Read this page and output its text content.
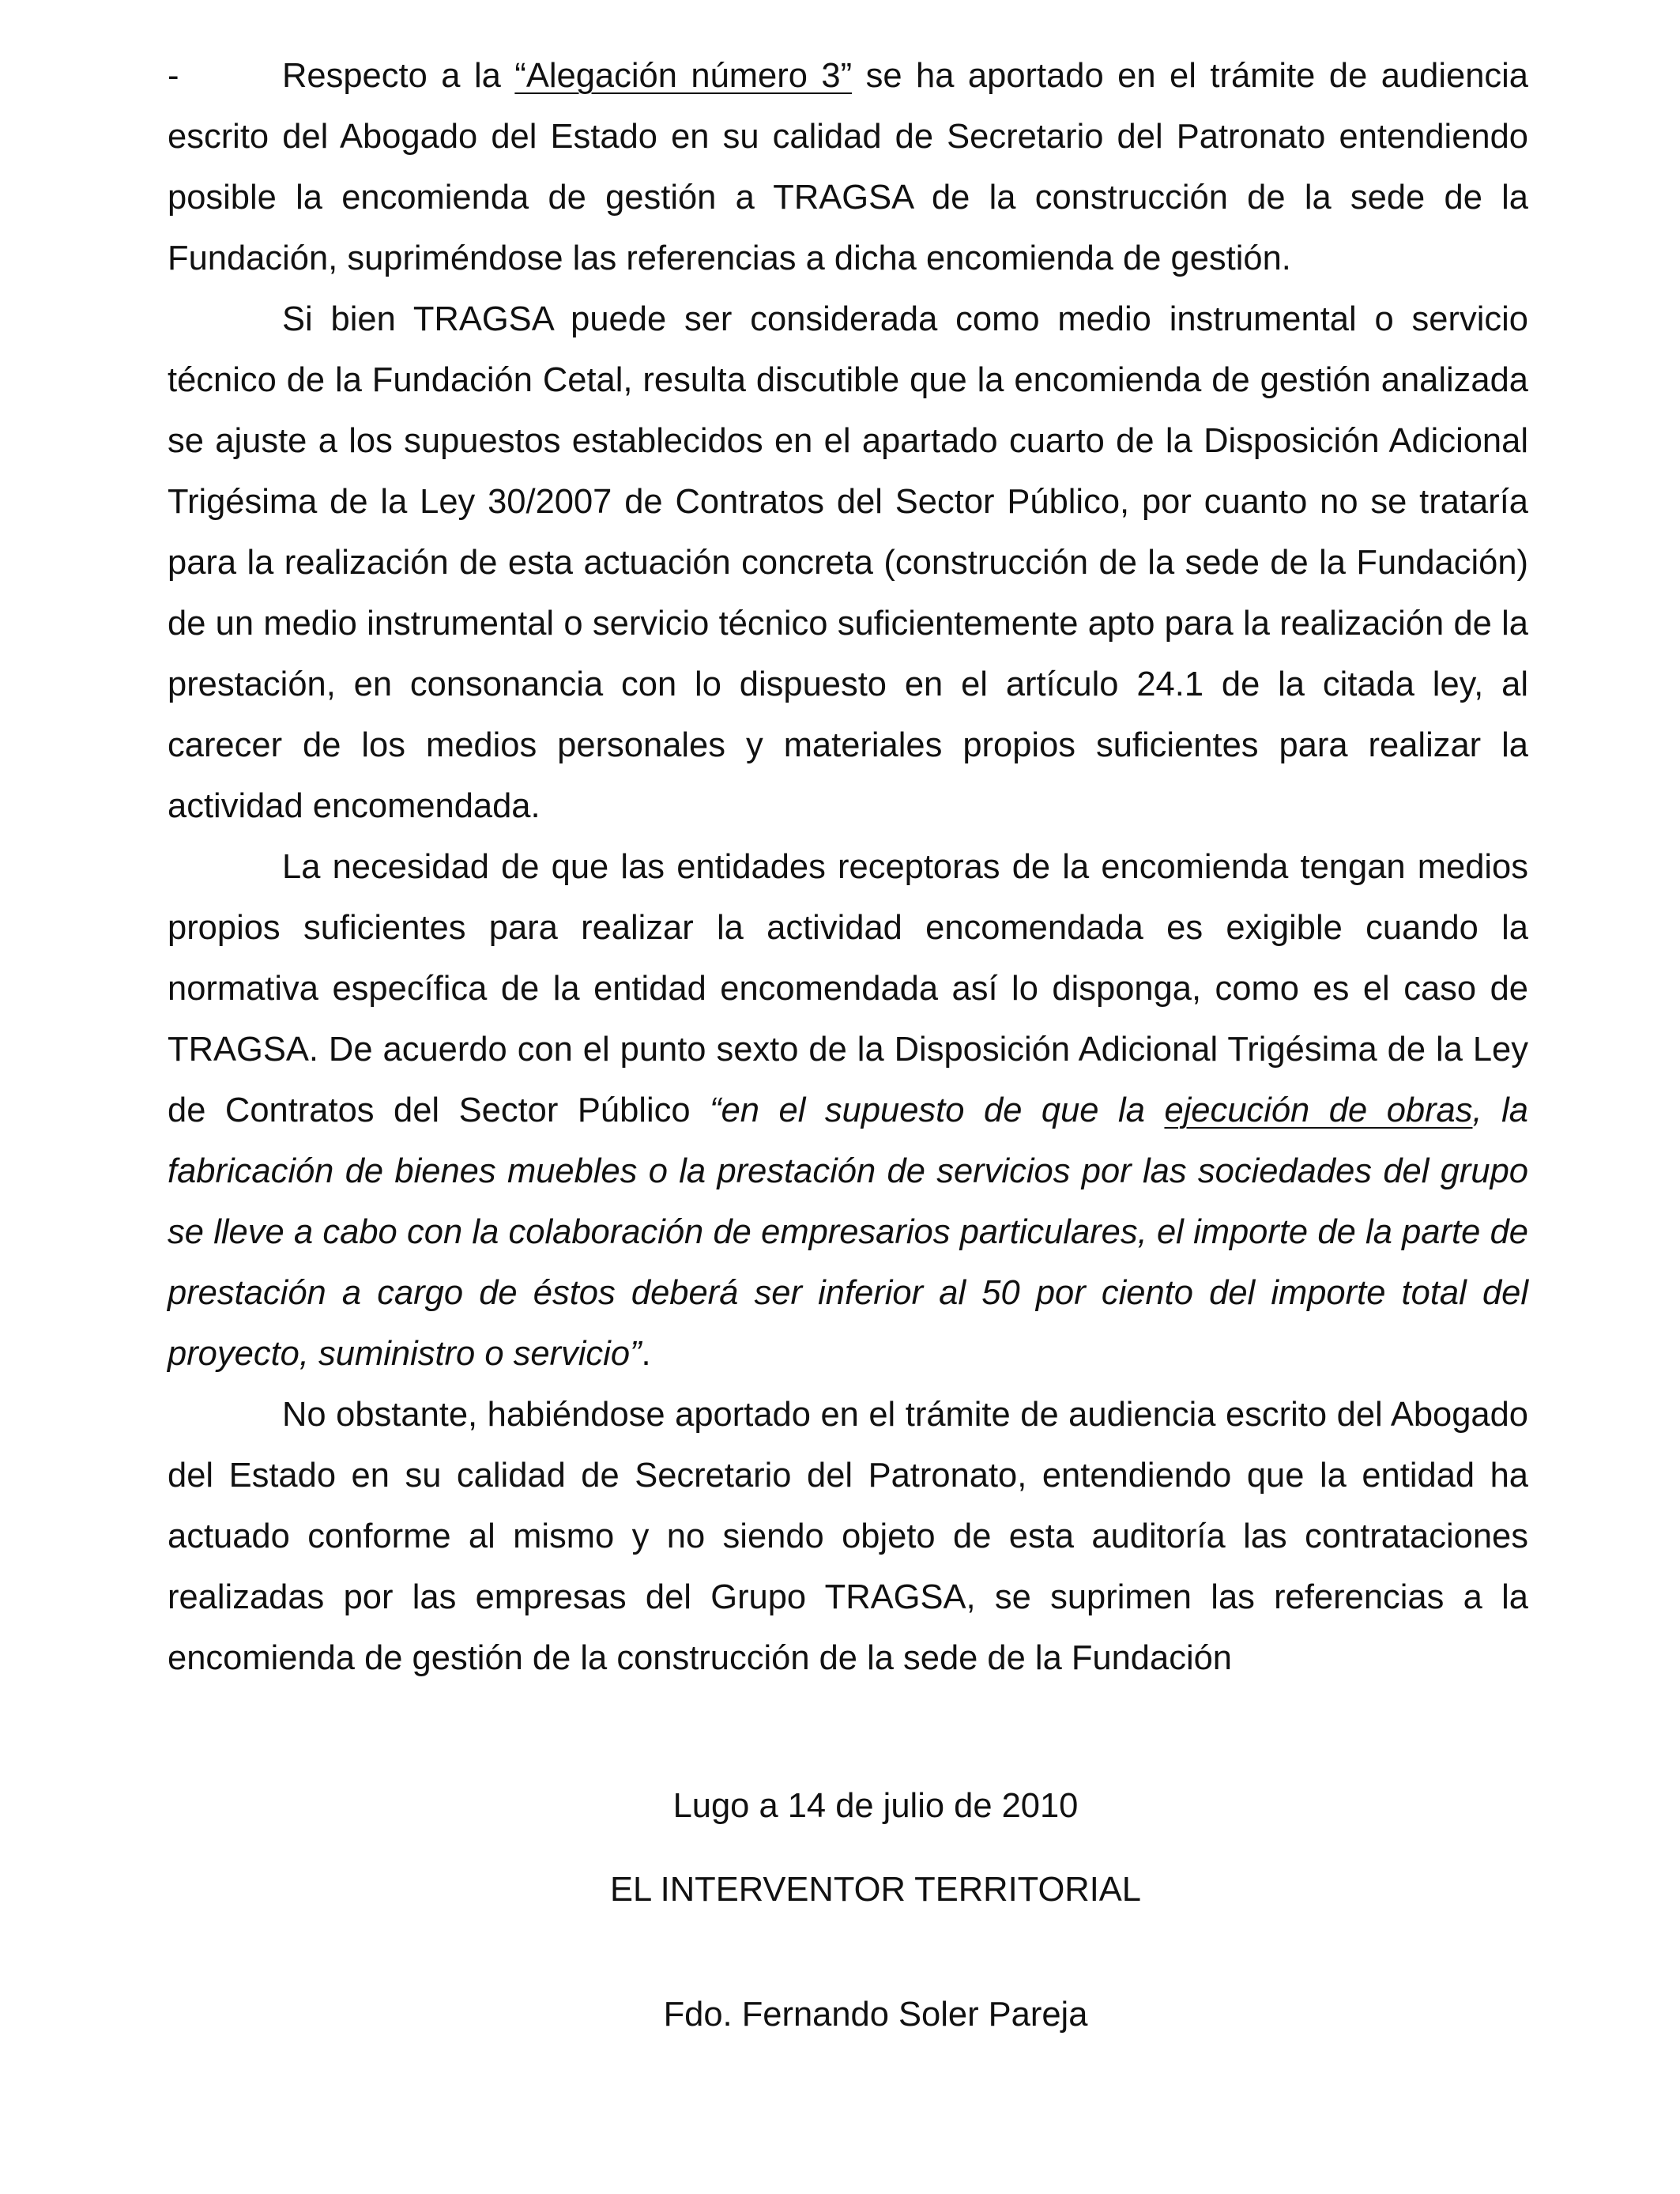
-	Respecto a la “Alegación número 3” se ha aportado en el trámite de audiencia escrito del Abogado del Estado en su calidad de Secretario del Patronato entendiendo posible la encomienda de gestión a TRAGSA de la construcción de la sede de la Fundación, supriméndose las referencias a dicha encomienda de gestión.

Si bien TRAGSA puede ser considerada como medio instrumental o servicio técnico de la Fundación Cetal, resulta discutible que la encomienda de gestión analizada se ajuste a los supuestos establecidos en el apartado cuarto de la Disposición Adicional Trigésima de la Ley 30/2007 de Contratos del Sector Público, por cuanto no se trataría para la realización de esta actuación concreta (construcción de la sede de la Fundación) de un medio instrumental o servicio técnico suficientemente apto para la realización de la prestación, en consonancia con lo dispuesto en el artículo 24.1 de la citada ley, al carecer de los medios personales y materiales propios suficientes para realizar la actividad encomendada.

La necesidad de que las entidades receptoras de la encomienda tengan medios propios suficientes para realizar la actividad encomendada es exigible cuando la normativa específica de la entidad encomendada así lo disponga, como es el caso de TRAGSA. De acuerdo con el punto sexto de la Disposición Adicional Trigésima de la Ley de Contratos del Sector Público “en el supuesto de que la ejecución de obras, la fabricación de bienes muebles o la prestación de servicios por las sociedades del grupo se lleve a cabo con la colaboración de empresarios particulares, el importe de la parte de prestación a cargo de éstos deberá ser inferior al 50 por ciento del importe total del proyecto, suministro o servicio”.

No obstante, habiéndose aportado en el trámite de audiencia escrito del Abogado del Estado en su calidad de Secretario del Patronato, entendiendo que la entidad ha actuado conforme al mismo y no siendo objeto de esta auditoría las contrataciones realizadas por las empresas del Grupo TRAGSA, se suprimen las referencias a la encomienda de gestión de la construcción de la sede de la Fundación

Lugo a 14 de julio de 2010

EL INTERVENTOR TERRITORIAL

Fdo. Fernando Soler Pareja
